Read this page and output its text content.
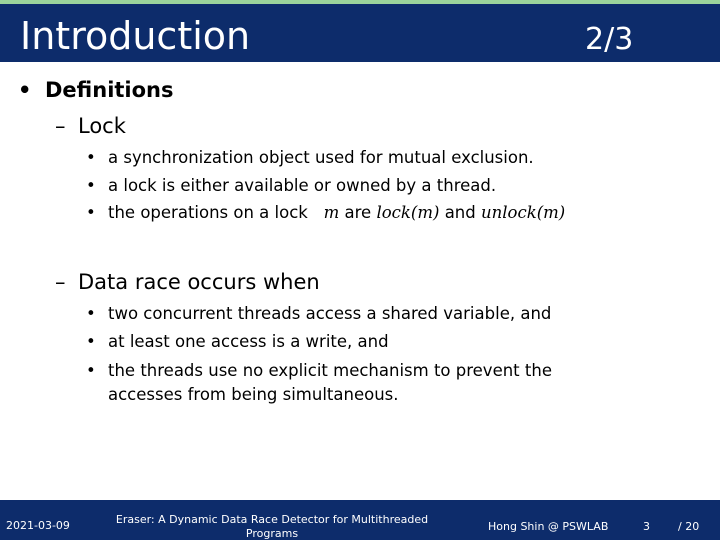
Introduction	2/3
• Definitions
– Lock
• a synchronization object used for mutual exclusion.
• a lock is either available or owned by a thread.
• the operations on a lock m are lock(m) and unlock(m)
– Data race occurs when
• two concurrent threads access a shared variable, and
• at least one access is a write, and
• the threads use no explicit mechanism to prevent the
accesses from being simultaneous.
2021-03-09	Eraser: A Dynamic Data Race Detector for Multithreaded
Programs
Hong Shin @ PSWLAB	3	/ 20
